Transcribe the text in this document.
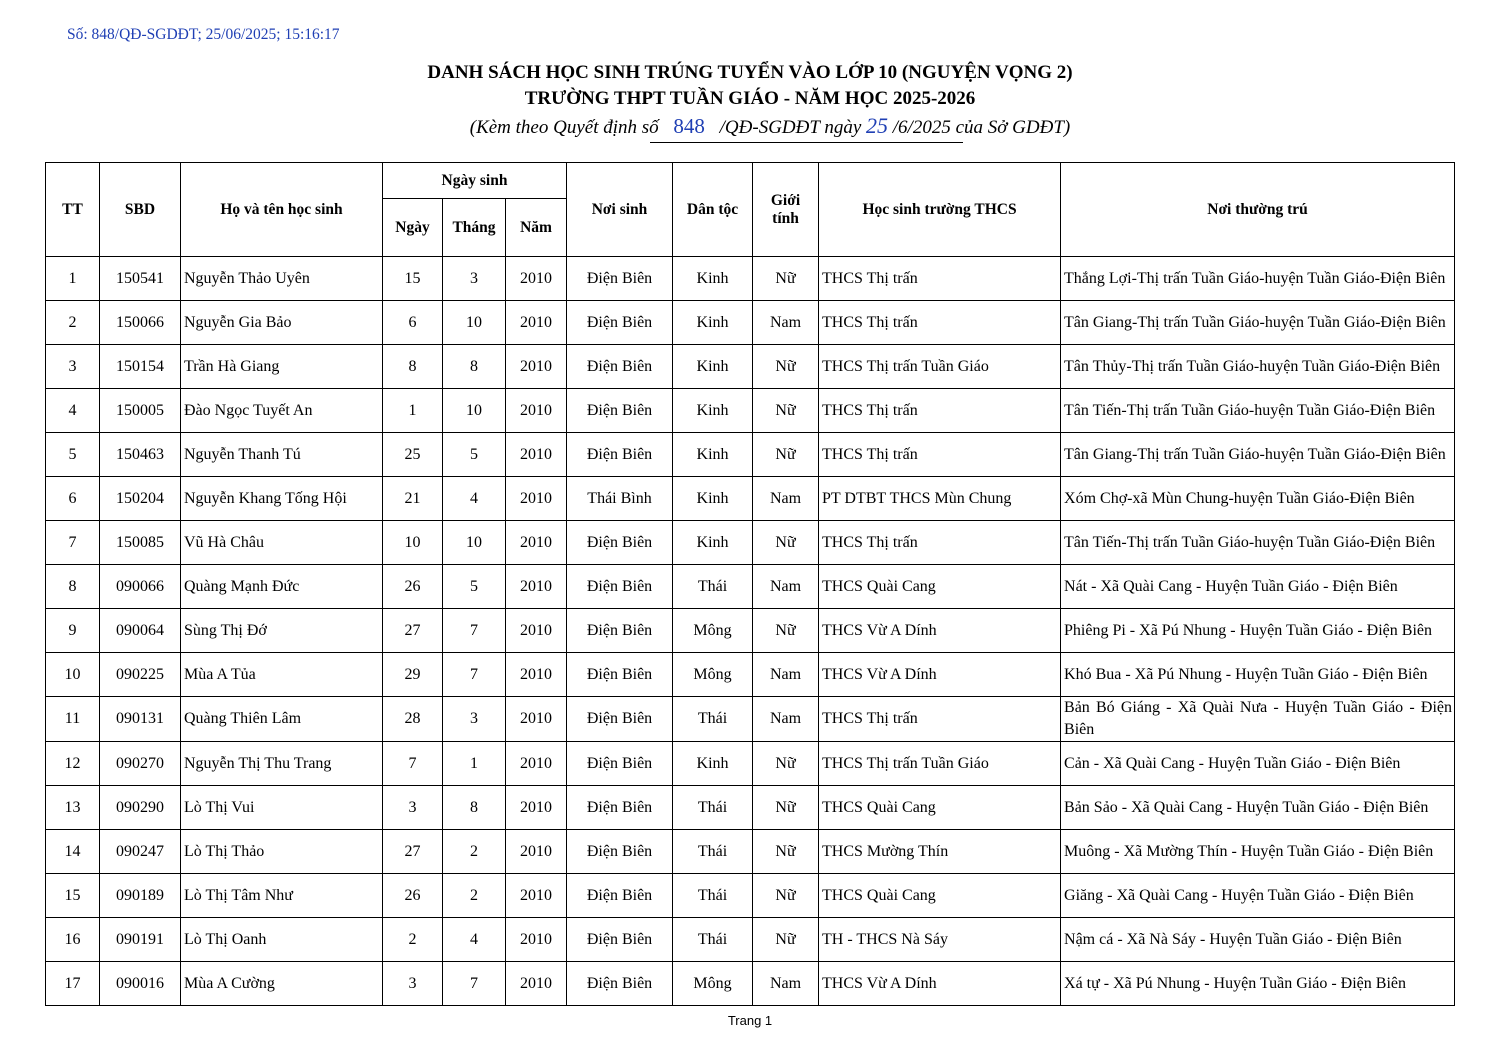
Số: 848/QĐ-SGDĐT; 25/06/2025; 15:16:17
DANH SÁCH HỌC SINH TRÚNG TUYỂN VÀO LỚP 10 (NGUYỆN VỌNG 2)
TRƯỜNG THPT TUẦN GIÁO - NĂM HỌC 2025-2026
(Kèm theo Quyết định số 848 /QĐ-SGDĐT ngày 25 /6/2025 của Sở GDĐT)
TT	SBD	Họ và tên học sinh	Ngày sinh			Nơi sinh	Dân tộc	Giới tính	Học sinh trường THCS	Nơi thường trú
			Ngày	Tháng	Năm					
1	150541	Nguyễn Thảo Uyên	15	3	2010	Điện Biên	Kinh	Nữ	THCS Thị trấn	Thắng Lợi-Thị trấn Tuần Giáo-huyện Tuần Giáo-Điện Biên
2	150066	Nguyễn Gia Bảo	6	10	2010	Điện Biên	Kinh	Nam	THCS Thị trấn	Tân Giang-Thị trấn Tuần Giáo-huyện Tuần Giáo-Điện Biên
3	150154	Trần Hà Giang	8	8	2010	Điện Biên	Kinh	Nữ	THCS Thị trấn Tuần Giáo	Tân Thủy-Thị trấn Tuần Giáo-huyện Tuần Giáo-Điện Biên
4	150005	Đào Ngọc Tuyết An	1	10	2010	Điện Biên	Kinh	Nữ	THCS Thị trấn	Tân Tiến-Thị trấn Tuần Giáo-huyện Tuần Giáo-Điện Biên
5	150463	Nguyễn Thanh Tú	25	5	2010	Điện Biên	Kinh	Nữ	THCS Thị trấn	Tân Giang-Thị trấn Tuần Giáo-huyện Tuần Giáo-Điện Biên
6	150204	Nguyễn Khang Tống Hội	21	4	2010	Thái Bình	Kinh	Nam	PT DTBT THCS Mùn Chung	Xóm Chợ-xã Mùn Chung-huyện Tuần Giáo-Điện Biên
7	150085	Vũ Hà Châu	10	10	2010	Điện Biên	Kinh	Nữ	THCS Thị trấn	Tân Tiến-Thị trấn Tuần Giáo-huyện Tuần Giáo-Điện Biên
8	090066	Quàng Mạnh Đức	26	5	2010	Điện Biên	Thái	Nam	THCS Quài Cang	Nát - Xã Quài Cang - Huyện Tuần Giáo - Điện Biên
9	090064	Sùng Thị Đớ	27	7	2010	Điện Biên	Mông	Nữ	THCS Vừ A Dính	Phiêng Pi - Xã Pú Nhung - Huyện Tuần Giáo - Điện Biên
10	090225	Mùa A Tủa	29	7	2010	Điện Biên	Mông	Nam	THCS Vừ A Dính	Khó Bua - Xã Pú Nhung - Huyện Tuần Giáo - Điện Biên
11	090131	Quàng Thiên Lâm	28	3	2010	Điện Biên	Thái	Nam	THCS Thị trấn	Bản Bó Giáng - Xã Quài Nưa - Huyện Tuần Giáo - Điện Biên
12	090270	Nguyễn Thị Thu Trang	7	1	2010	Điện Biên	Kinh	Nữ	THCS Thị trấn Tuần Giáo	Cản - Xã Quài Cang - Huyện Tuần Giáo - Điện Biên
13	090290	Lò Thị Vui	3	8	2010	Điện Biên	Thái	Nữ	THCS Quài Cang	Bản Sảo - Xã Quài Cang - Huyện Tuần Giáo - Điện Biên
14	090247	Lò Thị Thảo	27	2	2010	Điện Biên	Thái	Nữ	THCS Mường Thín	Muông - Xã Mường Thín - Huyện Tuần Giáo - Điện Biên
15	090189	Lò Thị Tâm Như	26	2	2010	Điện Biên	Thái	Nữ	THCS Quài Cang	Giăng - Xã Quài Cang - Huyện Tuần Giáo - Điện Biên
16	090191	Lò Thị Oanh	2	4	2010	Điện Biên	Thái	Nữ	TH - THCS Nà Sáy	Nậm cá - Xã Nà Sáy - Huyện Tuần Giáo - Điện Biên
17	090016	Mùa A Cường	3	7	2010	Điện Biên	Mông	Nam	THCS Vừ A Dính	Xá tự - Xã Pú Nhung - Huyện Tuần Giáo - Điện Biên
Trang 1
